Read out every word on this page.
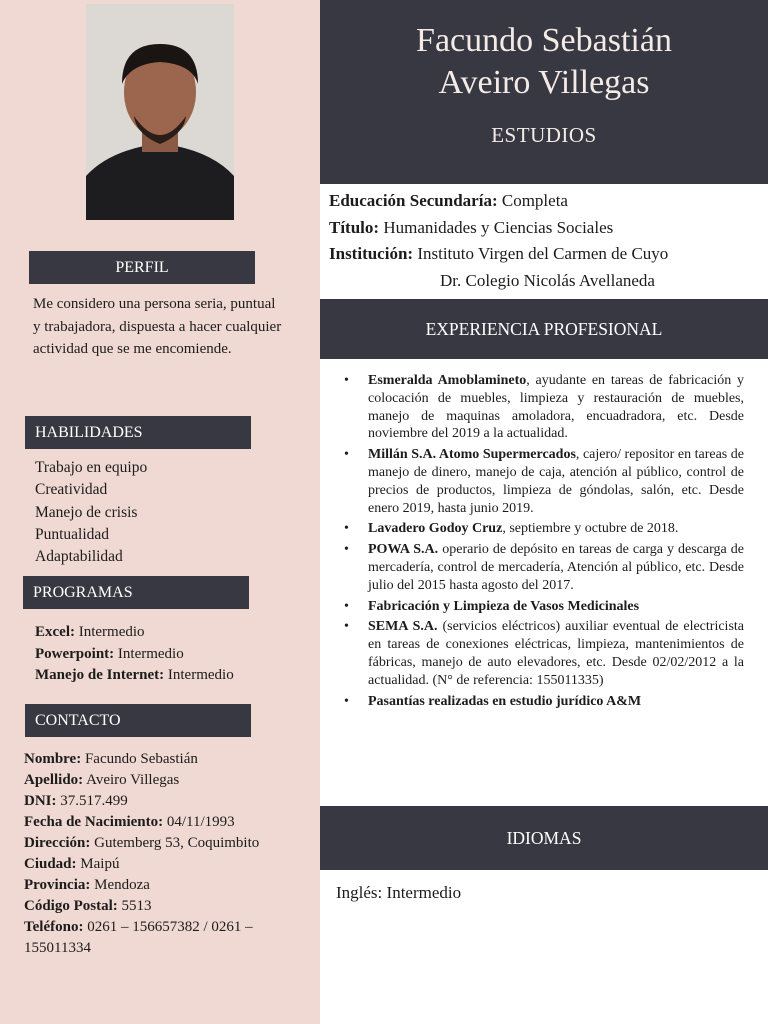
PERFIL

Me considero una persona seria, puntual y trabajadora, dispuesta a hacer cualquier actividad que se me encomiende.

HABILIDADES
Trabajo en equipo
Creatividad
Manejo de crisis
Puntualidad
Adaptabilidad
PROGRAMAS
Excel: Intermedio
Powerpoint: Intermedio
Manejo de Internet: Intermedio
CONTACTO
Nombre: Facundo Sebastián
Apellido: Aveiro Villegas
DNI: 37.517.499
Fecha de Nacimiento: 04/11/1993
Dirección: Gutemberg 53, Coquimbito
Ciudad: Maipú
Provincia: Mendoza
Código Postal: 5513
Teléfono: 0261 – 156657382 / 0261 – 155011334
Facundo Sebastián
Aveiro Villegas
ESTUDIOS
Educación Secundaría: Completa
Título: Humanidades y Ciencias Sociales
Institución: Instituto Virgen del Carmen de Cuyo
Dr. Colegio Nicolás Avellaneda
EXPERIENCIA PROFESIONAL
• Esmeralda Amoblamineto, ayudante en tareas de fabricación y colocación de muebles, limpieza y restauración de muebles, manejo de maquinas amoladora, encuadradora, etc. Desde noviembre del 2019 a la actualidad.
• Millán S.A. Atomo Supermercados, cajero/ repositor en tareas de manejo de dinero, manejo de caja, atención al público, control de precios de productos, limpieza de góndolas, salón, etc. Desde enero 2019, hasta junio 2019.
• Lavadero Godoy Cruz, septiembre y octubre de 2018.
• POWA S.A. operario de depósito en tareas de carga y descarga de mercadería, control de mercadería, Atención al público, etc. Desde julio del 2015 hasta agosto del 2017.
• Fabricación y Limpieza de Vasos Medicinales
• SEMA S.A. (servicios eléctricos) auxiliar eventual de electricista en tareas de conexiones eléctricas, limpieza, mantenimientos de fábricas, manejo de auto elevadores, etc. Desde 02/02/2012 a la actualidad. (N° de referencia: 155011335)
• Pasantías realizadas en estudio jurídico A&M
IDIOMAS
Inglés: Intermedio
